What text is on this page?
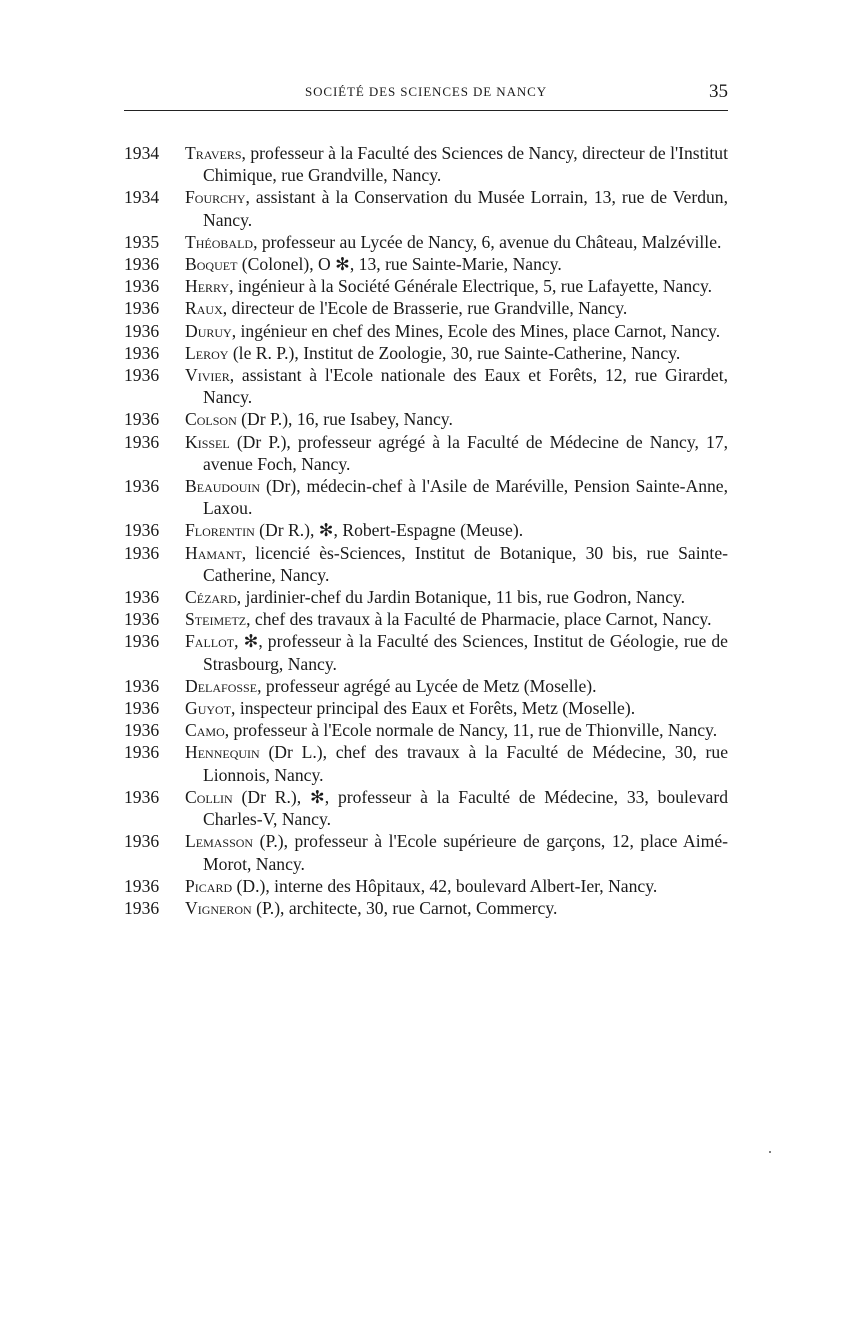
SOCIÉTÉ DES SCIENCES DE NANCY	35
1934 Travers, professeur à la Faculté des Sciences de Nancy, directeur de l'Institut Chimique, rue Grandville, Nancy.
1934 Fourchy, assistant à la Conservation du Musée Lorrain, 13, rue de Verdun, Nancy.
1935 Théobald, professeur au Lycée de Nancy, 6, avenue du Château, Malzéville.
1936 Boquet (Colonel), O ✻, 13, rue Sainte-Marie, Nancy.
1936 Herry, ingénieur à la Société Générale Electrique, 5, rue Lafayette, Nancy.
1936 Raux, directeur de l'Ecole de Brasserie, rue Grandville, Nancy.
1936 Duruy, ingénieur en chef des Mines, Ecole des Mines, place Carnot, Nancy.
1936 Leroy (le R. P.), Institut de Zoologie, 30, rue Sainte-Catherine, Nancy.
1936 Vivier, assistant à l'Ecole nationale des Eaux et Forêts, 12, rue Girardet, Nancy.
1936 Colson (Dr P.), 16, rue Isabey, Nancy.
1936 Kissel (Dr P.), professeur agrégé à la Faculté de Médecine de Nancy, 17, avenue Foch, Nancy.
1936 Beaudouin (Dr), médecin-chef à l'Asile de Maréville, Pension Sainte-Anne, Laxou.
1936 Florentin (Dr R.), ✻, Robert-Espagne (Meuse).
1936 Hamant, licencié ès-Sciences, Institut de Botanique, 30 bis, rue Sainte-Catherine, Nancy.
1936 Cézard, jardinier-chef du Jardin Botanique, 11 bis, rue Godron, Nancy.
1936 Steimetz, chef des travaux à la Faculté de Pharmacie, place Carnot, Nancy.
1936 Fallot, ✻, professeur à la Faculté des Sciences, Institut de Géologie, rue de Strasbourg, Nancy.
1936 Delafosse, professeur agrégé au Lycée de Metz (Moselle).
1936 Guyot, inspecteur principal des Eaux et Forêts, Metz (Moselle).
1936 Camo, professeur à l'Ecole normale de Nancy, 11, rue de Thionville, Nancy.
1936 Hennequin (Dr L.), chef des travaux à la Faculté de Médecine, 30, rue Lionnois, Nancy.
1936 Collin (Dr R.), ✻, professeur à la Faculté de Médecine, 33, boulevard Charles-V, Nancy.
1936 Lemasson (P.), professeur à l'Ecole supérieure de garçons, 12, place Aimé-Morot, Nancy.
1936 Picard (D.), interne des Hôpitaux, 42, boulevard Albert-Ier, Nancy.
1936 Vigneron (P.), architecte, 30, rue Carnot, Commercy.
